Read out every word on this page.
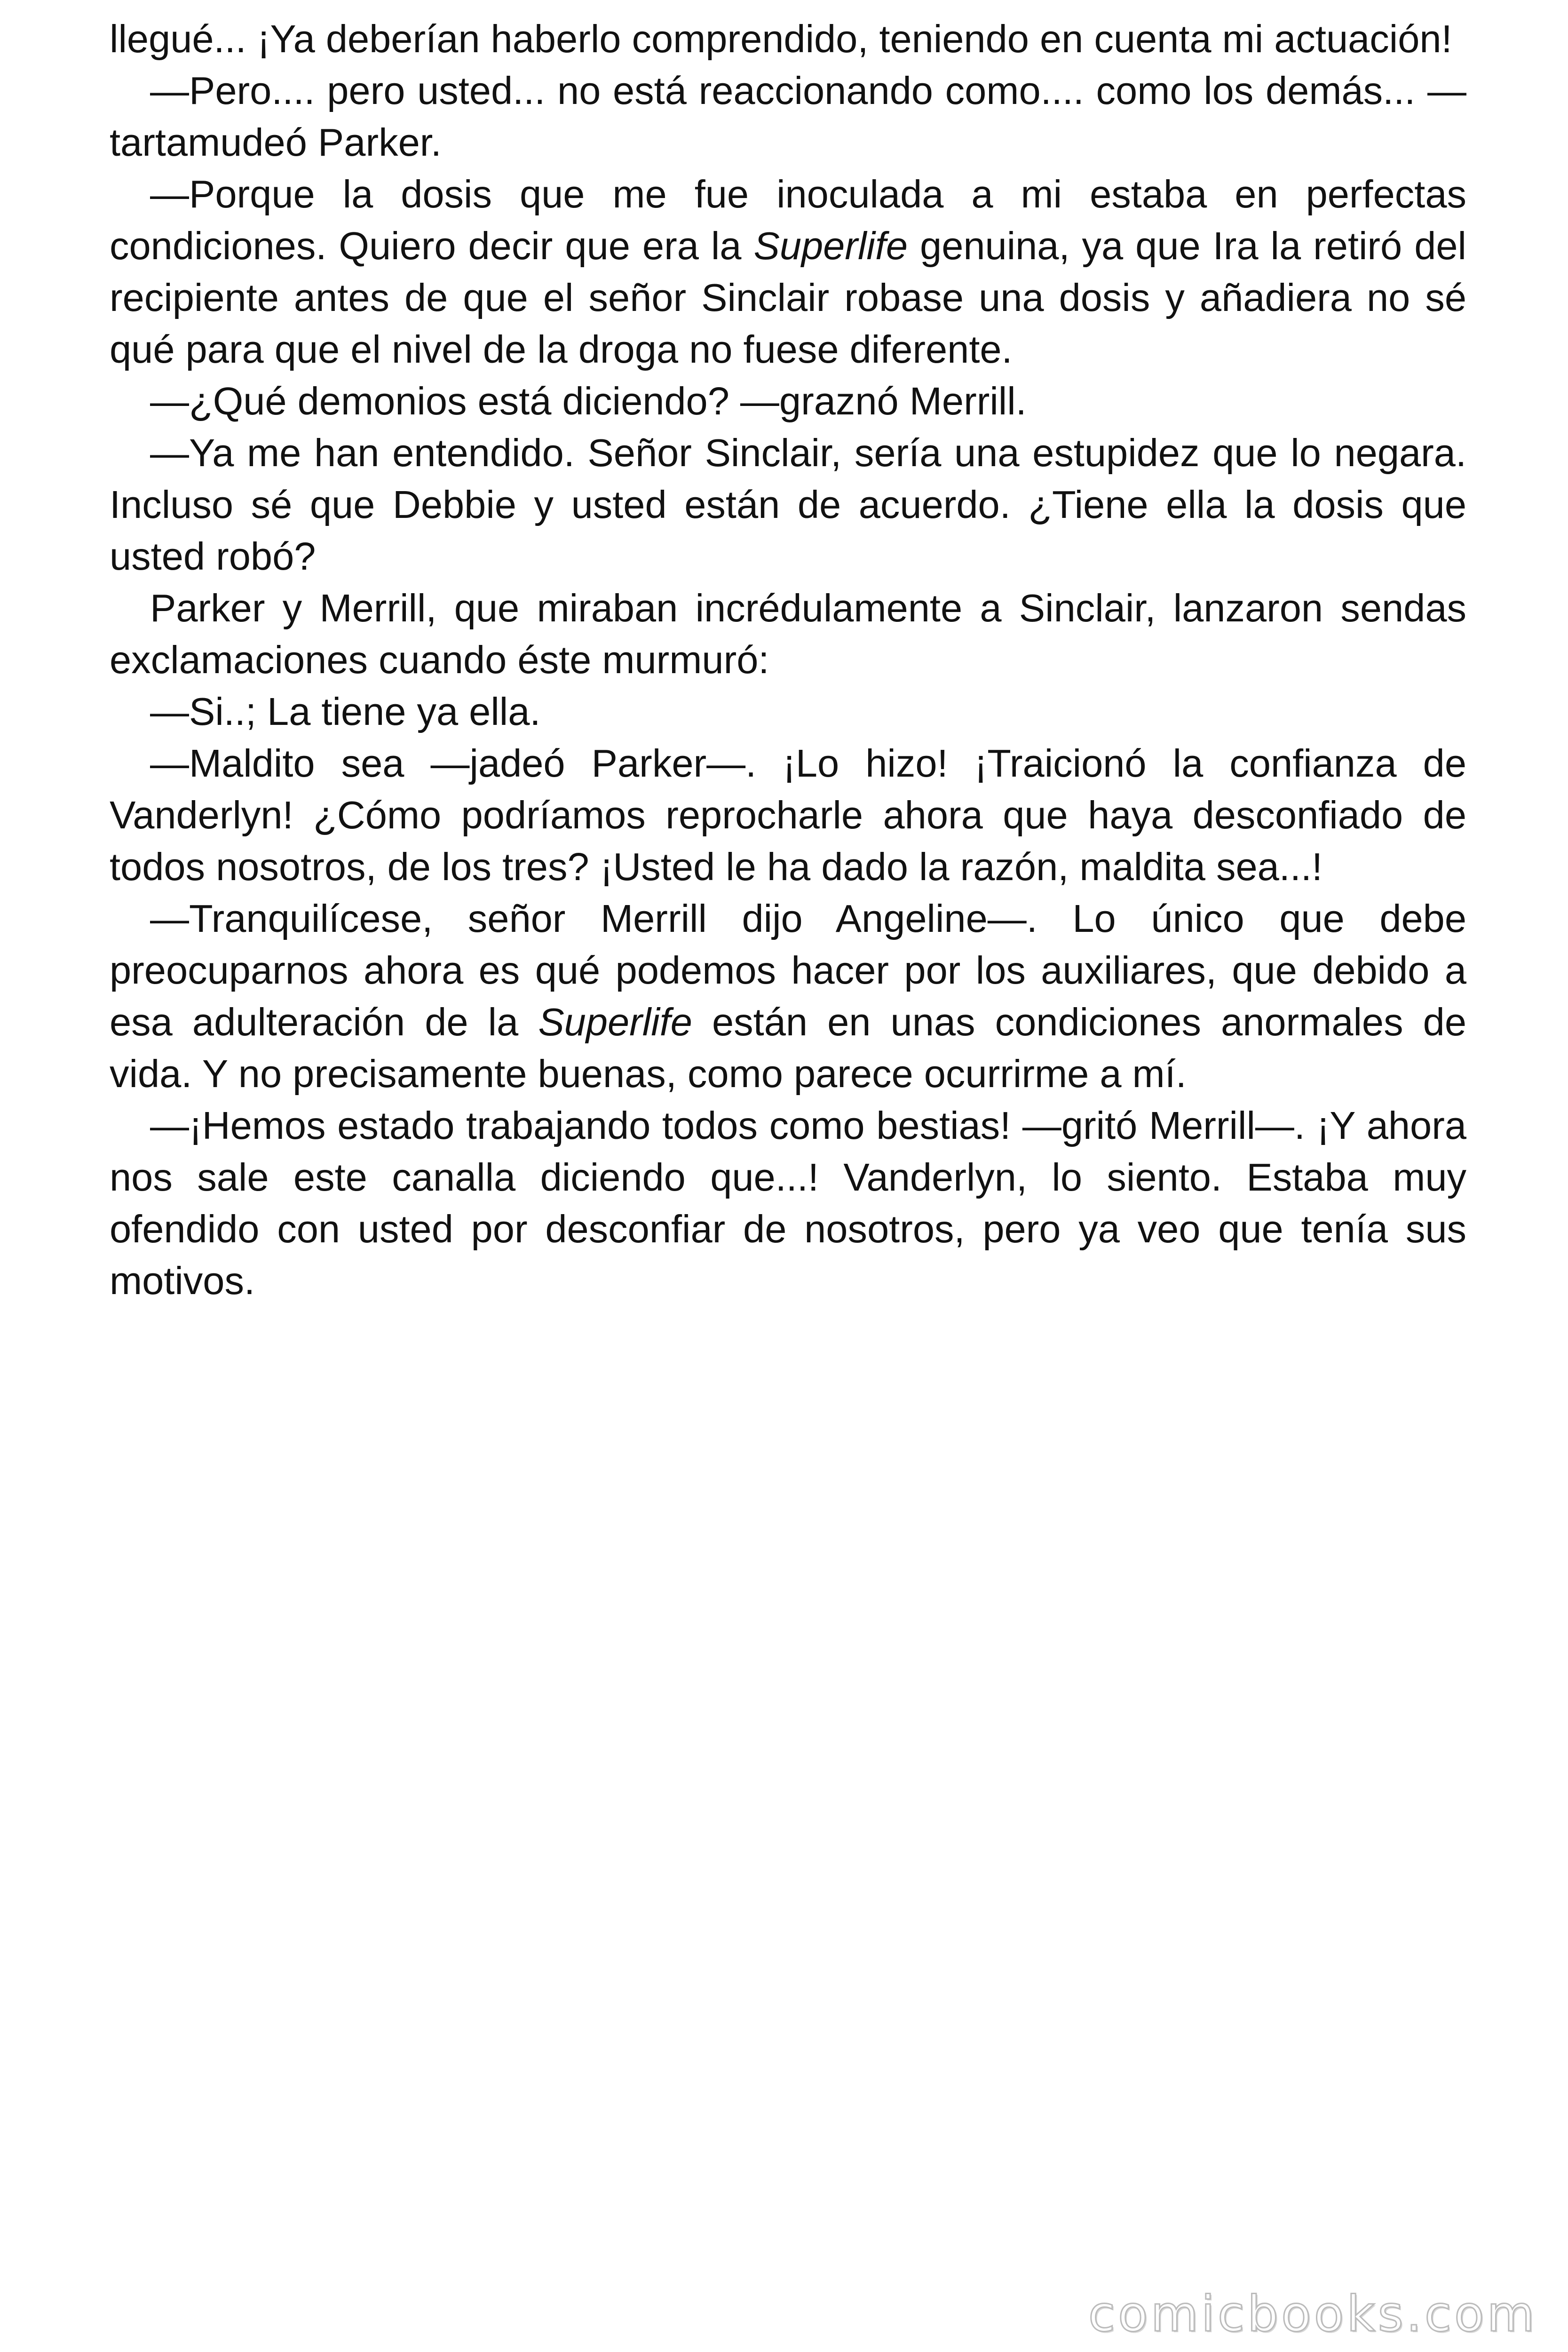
llegué... ¡Ya deberían haberlo comprendido, teniendo en cuenta mi actuación!

—Pero.... pero usted... no está reaccionando como.... como los demás... —tartamudeó Parker.

—Porque la dosis que me fue inoculada a mi estaba en perfectas condiciones. Quiero decir que era la Superlife genuina, ya que Ira la retiró del recipiente antes de que el señor Sinclair robase una dosis y añadiera no sé qué para que el nivel de la droga no fuese diferente.

—¿Qué demonios está diciendo? —graznó Merrill.

—Ya me han entendido. Señor Sinclair, sería una estupidez que lo negara. Incluso sé que Debbie y usted están de acuerdo. ¿Tiene ella la dosis que usted robó?

Parker y Merrill, que miraban incrédulamente a Sinclair, lanzaron sendas exclamaciones cuando éste murmuró:

—Si..; La tiene ya ella.

—Maldito sea —jadeó Parker—. ¡Lo hizo! ¡Traicionó la confianza de Vanderlyn! ¿Cómo podríamos reprocharle ahora que haya desconfiado de todos nosotros, de los tres? ¡Usted le ha dado la razón, maldita sea...!

—Tranquilícese, señor Merrill dijo Angeline—. Lo único que debe preocuparnos ahora es qué podemos hacer por los auxiliares, que debido a esa adulteración de la Superlife están en unas condiciones anormales de vida. Y no precisamente buenas, como parece ocurrirme a mí.

—¡Hemos estado trabajando todos como bestias! —gritó Merrill—. ¡Y ahora nos sale este canalla diciendo que...! Vanderlyn, lo siento. Estaba muy ofendido con usted por desconfiar de nosotros, pero ya veo que tenía sus motivos.

comicbooks.com
